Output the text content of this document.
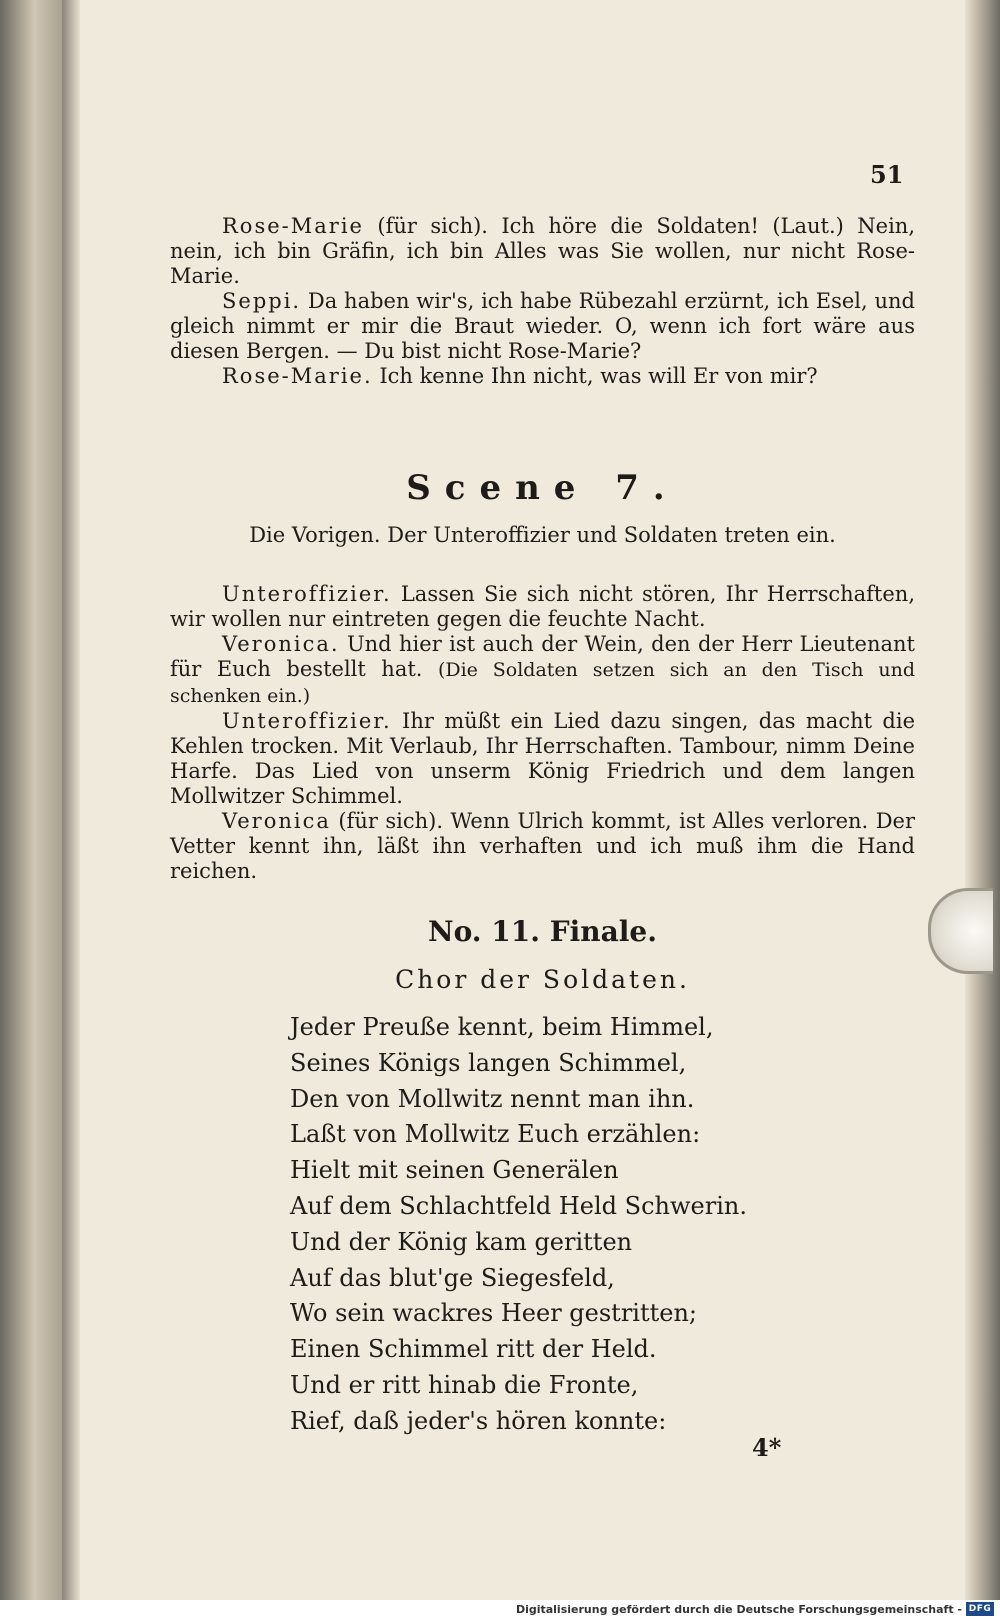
51

Rose-Marie (für sich). Ich höre die Soldaten! (Laut.) Nein, nein, ich bin Gräfin, ich bin Alles was Sie wollen, nur nicht Rose-Marie.

Seppi. Da haben wir's, ich habe Rübezahl erzürnt, ich Esel, und gleich nimmt er mir die Braut wieder. O, wenn ich fort wäre aus diesen Bergen. — Du bist nicht Rose-Marie?

Rose-Marie. Ich kenne Ihn nicht, was will Er von mir?

Scene 7.
Die Vorigen. Der Unteroffizier und Soldaten treten ein.

Unteroffizier. Lassen Sie sich nicht stören, Ihr Herrschaften, wir wollen nur eintreten gegen die feuchte Nacht.

Veronica. Und hier ist auch der Wein, den der Herr Lieutenant für Euch bestellt hat. (Die Soldaten setzen sich an den Tisch und schenken ein.)

Unteroffizier. Ihr müßt ein Lied dazu singen, das macht die Kehlen trocken. Mit Verlaub, Ihr Herrschaften. Tambour, nimm Deine Harfe. Das Lied von unserm König Friedrich und dem langen Mollwitzer Schimmel.

Veronica (für sich). Wenn Ulrich kommt, ist Alles verloren. Der Vetter kennt ihn, läßt ihn verhaften und ich muß ihm die Hand reichen.

No. 11. Finale.
Chor der Soldaten.
Jeder Preuße kennt, beim Himmel,
Seines Königs langen Schimmel,
Den von Mollwitz nennt man ihn.
Laßt von Mollwitz Euch erzählen:
Hielt mit seinen Generälen
Auf dem Schlachtfeld Held Schwerin.
Und der König kam geritten
Auf das blut'ge Siegesfeld,
Wo sein wackres Heer gestritten;
Einen Schimmel ritt der Held.
Und er ritt hinab die Fronte,
Rief, daß jeder's hören konnte:
4*
Digitalisierung gefördert durch die Deutsche Forschungsgemeinschaft - DFG
